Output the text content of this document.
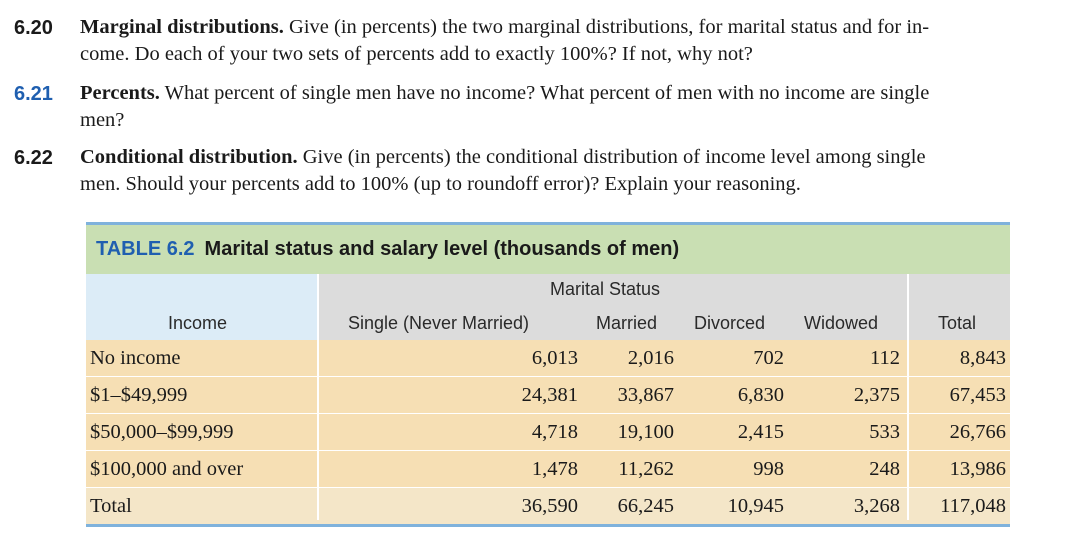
6.20 Marginal distributions. Give (in percents) the two marginal distributions, for marital status and for in-
come. Do each of your two sets of percents add to exactly 100%? If not, why not?
6.21 Percents. What percent of single men have no income? What percent of men with no income are single
men?
6.22 Conditional distribution. Give (in percents) the conditional distribution of income level among single
men. Should your percents add to 100% (up to roundoff error)? Explain your reasoning.
TABLE 6.2 Marital status and salary level (thousands of men)
Marital Status
Income	Single (Never Married)	Married Divorced Widowed	Total
No income	6,013	2,016	702	112	8,843
$1–$49,999	24,381	33,867	6,830	2,375	67,453
$50,000–$99,999	4,718	19,100	2,415	533	26,766
$100,000 and over	1,478	11,262	998	248	13,986
Total	36,590	66,245	10,945	3,268	117,048
